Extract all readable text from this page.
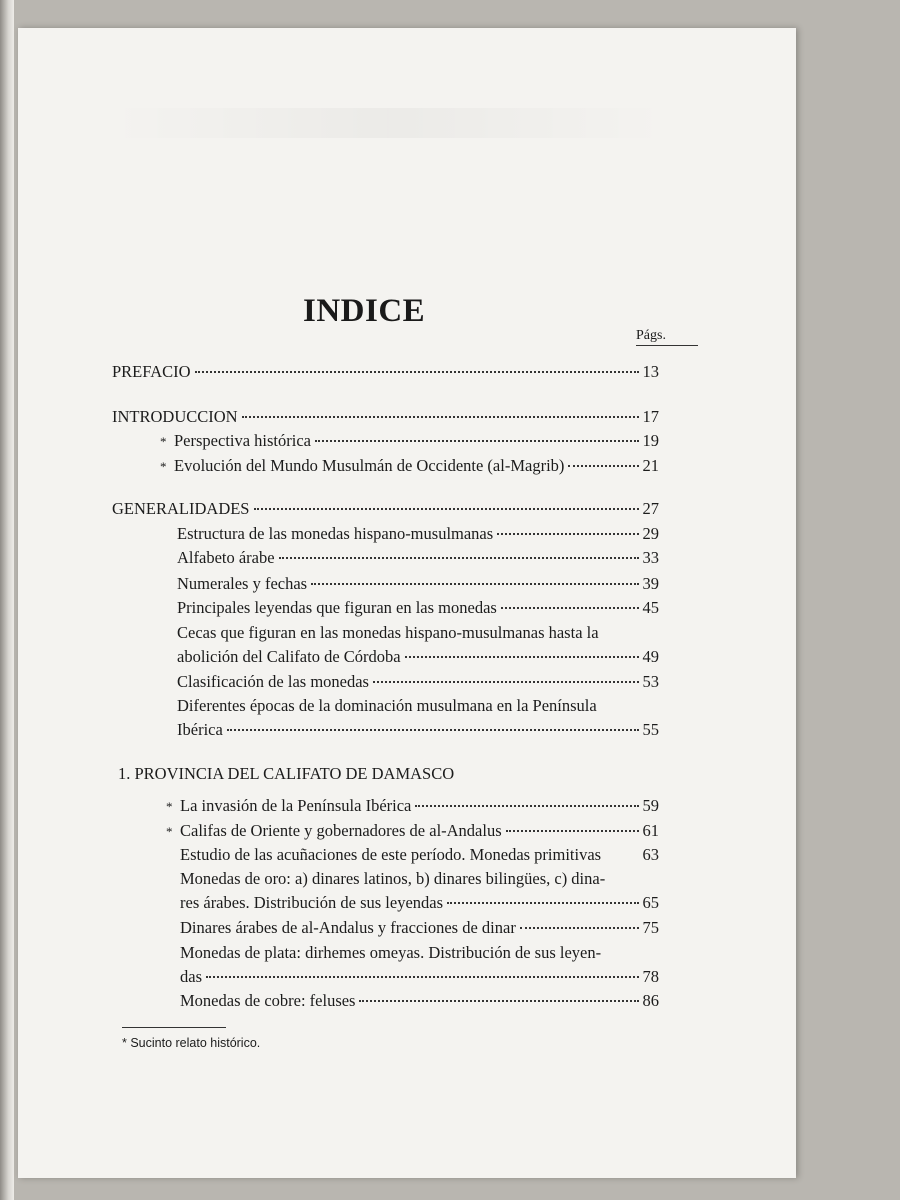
INDICE
Págs.
PREFACIO	13
INTRODUCCION	17
* Perspectiva histórica	19
* Evolución del Mundo Musulmán de Occidente (al-Magrib)	21
GENERALIDADES	27
Estructura de las monedas hispano-musulmanas	29
Alfabeto árabe	33
Numerales y fechas	39
Principales leyendas que figuran en las monedas	45
Cecas que figuran en las monedas hispano-musulmanas hasta la
abolición del Califato de Córdoba	49
Clasificación de las monedas	53
Diferentes épocas de la dominación musulmana en la Península
Ibérica	55
1. PROVINCIA DEL CALIFATO DE DAMASCO
* La invasión de la Península Ibérica	59
* Califas de Oriente y gobernadores de al-Andalus	61
Estudio de las acuñaciones de este período. Monedas primitivas	63
Monedas de oro: a) dinares latinos, b) dinares bilingües, c) dina-
res árabes. Distribución de sus leyendas	65
Dinares árabes de al-Andalus y fracciones de dinar	75
Monedas de plata: dirhemes omeyas. Distribución de sus leyen-
das	78
Monedas de cobre: feluses	86
* Sucinto relato histórico.
